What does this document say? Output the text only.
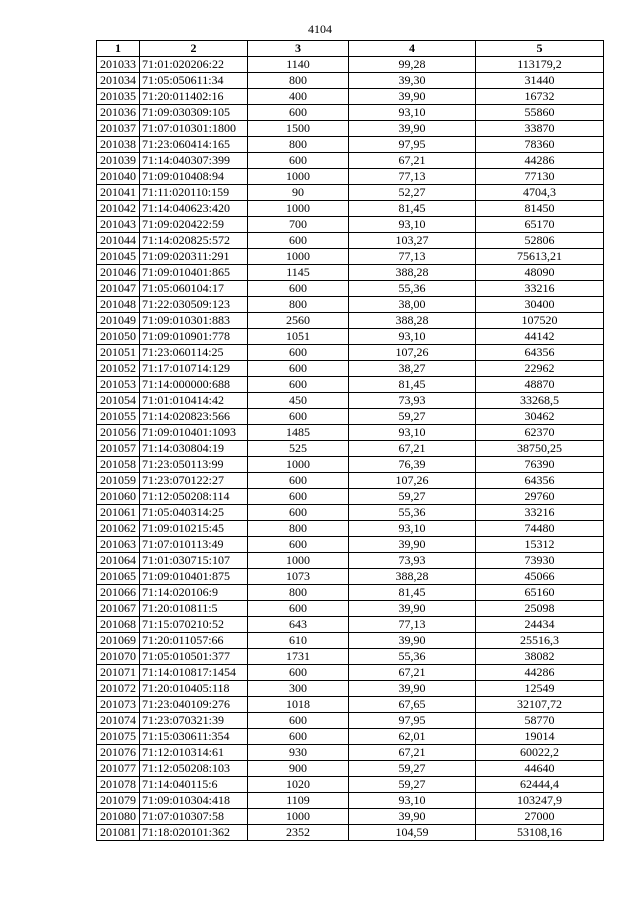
4104
1	2	3	4	5
201033	71:01:020206:22	1140	99,28	113179,2
201034	71:05:050611:34	800	39,30	31440
201035	71:20:011402:16	400	39,90	16732
201036	71:09:030309:105	600	93,10	55860
201037	71:07:010301:1800	1500	39,90	33870
201038	71:23:060414:165	800	97,95	78360
201039	71:14:040307:399	600	67,21	44286
201040	71:09:010408:94	1000	77,13	77130
201041	71:11:020110:159	90	52,27	4704,3
201042	71:14:040623:420	1000	81,45	81450
201043	71:09:020422:59	700	93,10	65170
201044	71:14:020825:572	600	103,27	52806
201045	71:09:020311:291	1000	77,13	75613,21
201046	71:09:010401:865	1145	388,28	48090
201047	71:05:060104:17	600	55,36	33216
201048	71:22:030509:123	800	38,00	30400
201049	71:09:010301:883	2560	388,28	107520
201050	71:09:010901:778	1051	93,10	44142
201051	71:23:060114:25	600	107,26	64356
201052	71:17:010714:129	600	38,27	22962
201053	71:14:000000:688	600	81,45	48870
201054	71:01:010414:42	450	73,93	33268,5
201055	71:14:020823:566	600	59,27	30462
201056	71:09:010401:1093	1485	93,10	62370
201057	71:14:030804:19	525	67,21	38750,25
201058	71:23:050113:99	1000	76,39	76390
201059	71:23:070122:27	600	107,26	64356
201060	71:12:050208:114	600	59,27	29760
201061	71:05:040314:25	600	55,36	33216
201062	71:09:010215:45	800	93,10	74480
201063	71:07:010113:49	600	39,90	15312
201064	71:01:030715:107	1000	73,93	73930
201065	71:09:010401:875	1073	388,28	45066
201066	71:14:020106:9	800	81,45	65160
201067	71:20:010811:5	600	39,90	25098
201068	71:15:070210:52	643	77,13	24434
201069	71:20:011057:66	610	39,90	25516,3
201070	71:05:010501:377	1731	55,36	38082
201071	71:14:010817:1454	600	67,21	44286
201072	71:20:010405:118	300	39,90	12549
201073	71:23:040109:276	1018	67,65	32107,72
201074	71:23:070321:39	600	97,95	58770
201075	71:15:030611:354	600	62,01	19014
201076	71:12:010314:61	930	67,21	60022,2
201077	71:12:050208:103	900	59,27	44640
201078	71:14:040115:6	1020	59,27	62444,4
201079	71:09:010304:418	1109	93,10	103247,9
201080	71:07:010307:58	1000	39,90	27000
201081	71:18:020101:362	2352	104,59	53108,16
